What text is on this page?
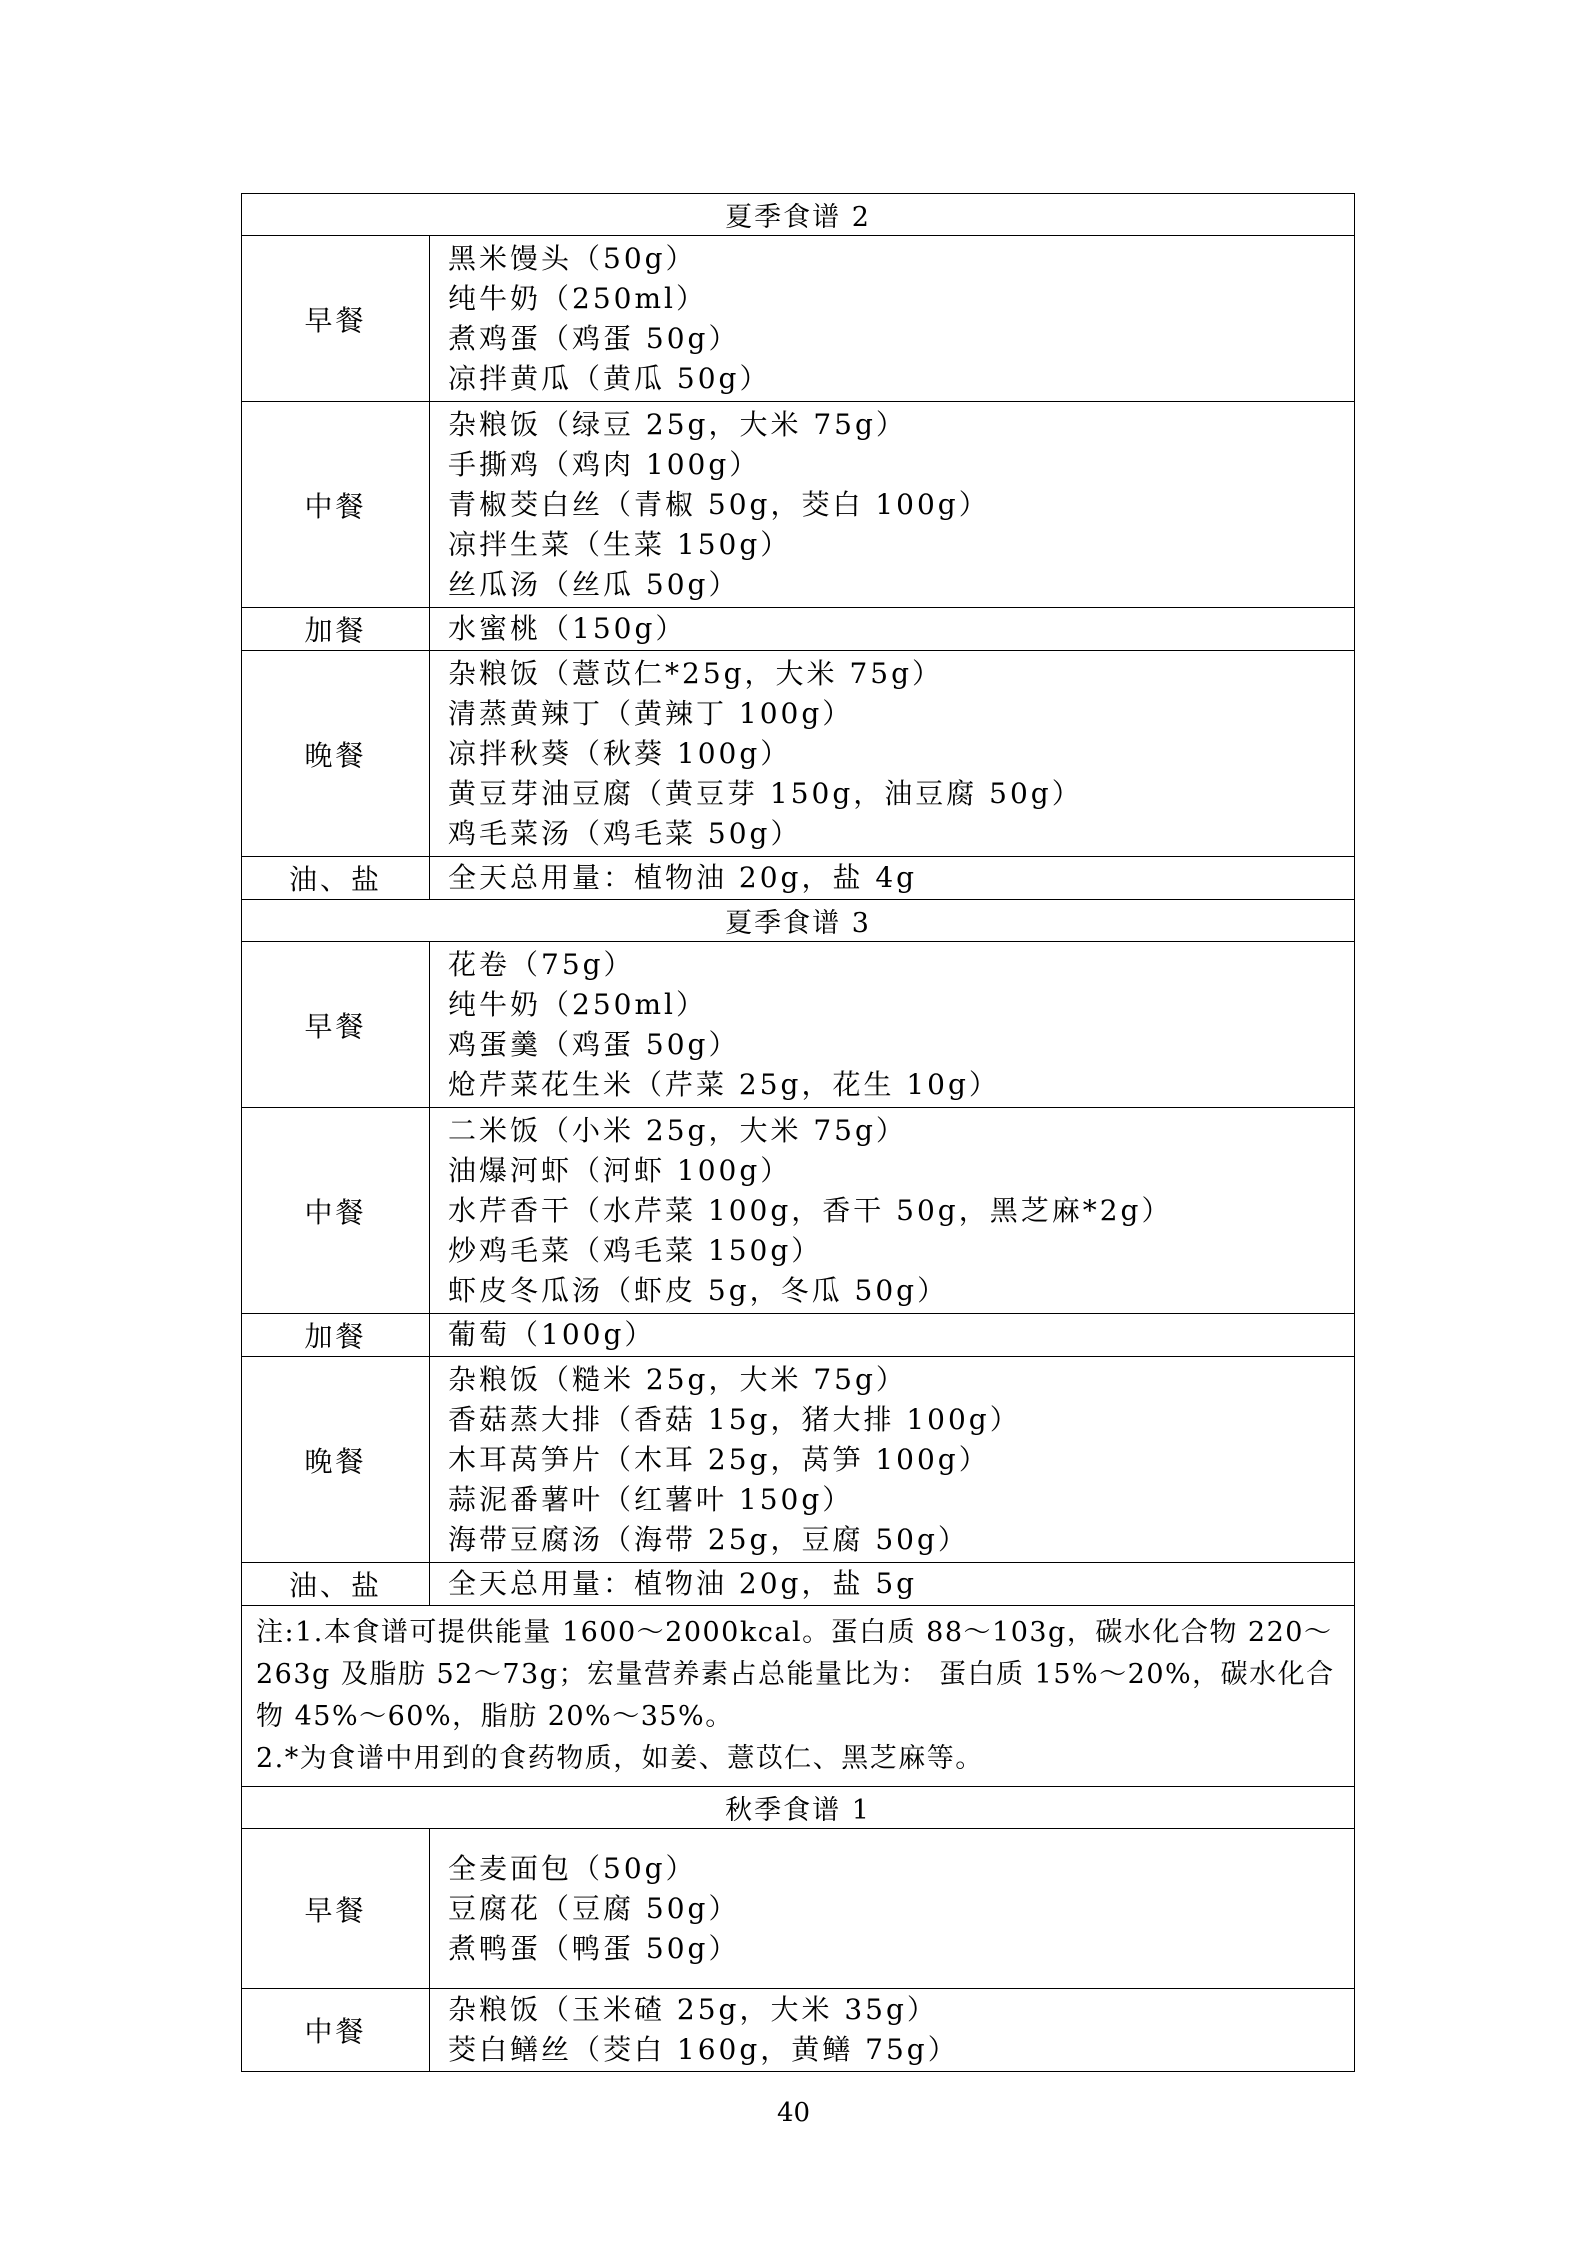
夏季食谱 2	
早餐	黑米馒头（50g）
纯牛奶（250ml）
煮鸡蛋（鸡蛋 50g）
凉拌黄瓜（黄瓜 50g）

中餐	杂粮饭（绿豆 25g，大米 75g）
手撕鸡（鸡肉 100g）
青椒茭白丝（青椒 50g，茭白 100g）
凉拌生菜（生菜 150g）
丝瓜汤（丝瓜 50g）

加餐	水蜜桃（150g）

晚餐	杂粮饭（薏苡仁*25g，大米 75g）
清蒸黄辣丁（黄辣丁 100g）
凉拌秋葵（秋葵 100g）
黄豆芽油豆腐（黄豆芽 150g，油豆腐 50g）
鸡毛菜汤（鸡毛菜 50g）

油、盐	全天总用量：植物油 20g，盐 4g

夏季食谱 3	
早餐	花卷（75g）
纯牛奶（250ml）
鸡蛋羹（鸡蛋 50g）
炝芹菜花生米（芹菜 25g，花生 10g）

中餐	二米饭（小米 25g，大米 75g）
油爆河虾（河虾 100g）
水芹香干（水芹菜 100g，香干 50g，黑芝麻*2g）
炒鸡毛菜（鸡毛菜 150g）
虾皮冬瓜汤（虾皮 5g，冬瓜 50g）

加餐	葡萄（100g）

晚餐	杂粮饭（糙米 25g，大米 75g）
香菇蒸大排（香菇 15g，猪大排 100g）
木耳莴笋片（木耳 25g，莴笋 100g）
蒜泥番薯叶（红薯叶 150g）
海带豆腐汤（海带 25g，豆腐 50g）

油、盐	全天总用量：植物油 20g，盐 5g

注:1.本食谱可提供能量 1600～2000kcal。蛋白质 88～103g，碳水化合物 220～
263g 及脂肪 52～73g；宏量营养素占总能量比为： 蛋白质 15%～20%，碳水化合
物 45%～60%，脂肪 20%～35%。
2.*为食谱中用到的食药物质，如姜、薏苡仁、黑芝麻等。	

秋季食谱 1	
早餐	全麦面包（50g）
豆腐花（豆腐 50g）
煮鸭蛋（鸭蛋 50g）

中餐	杂粮饭（玉米碴 25g，大米 35g）
茭白鳝丝（茭白 160g，黄鳝 75g）
40
